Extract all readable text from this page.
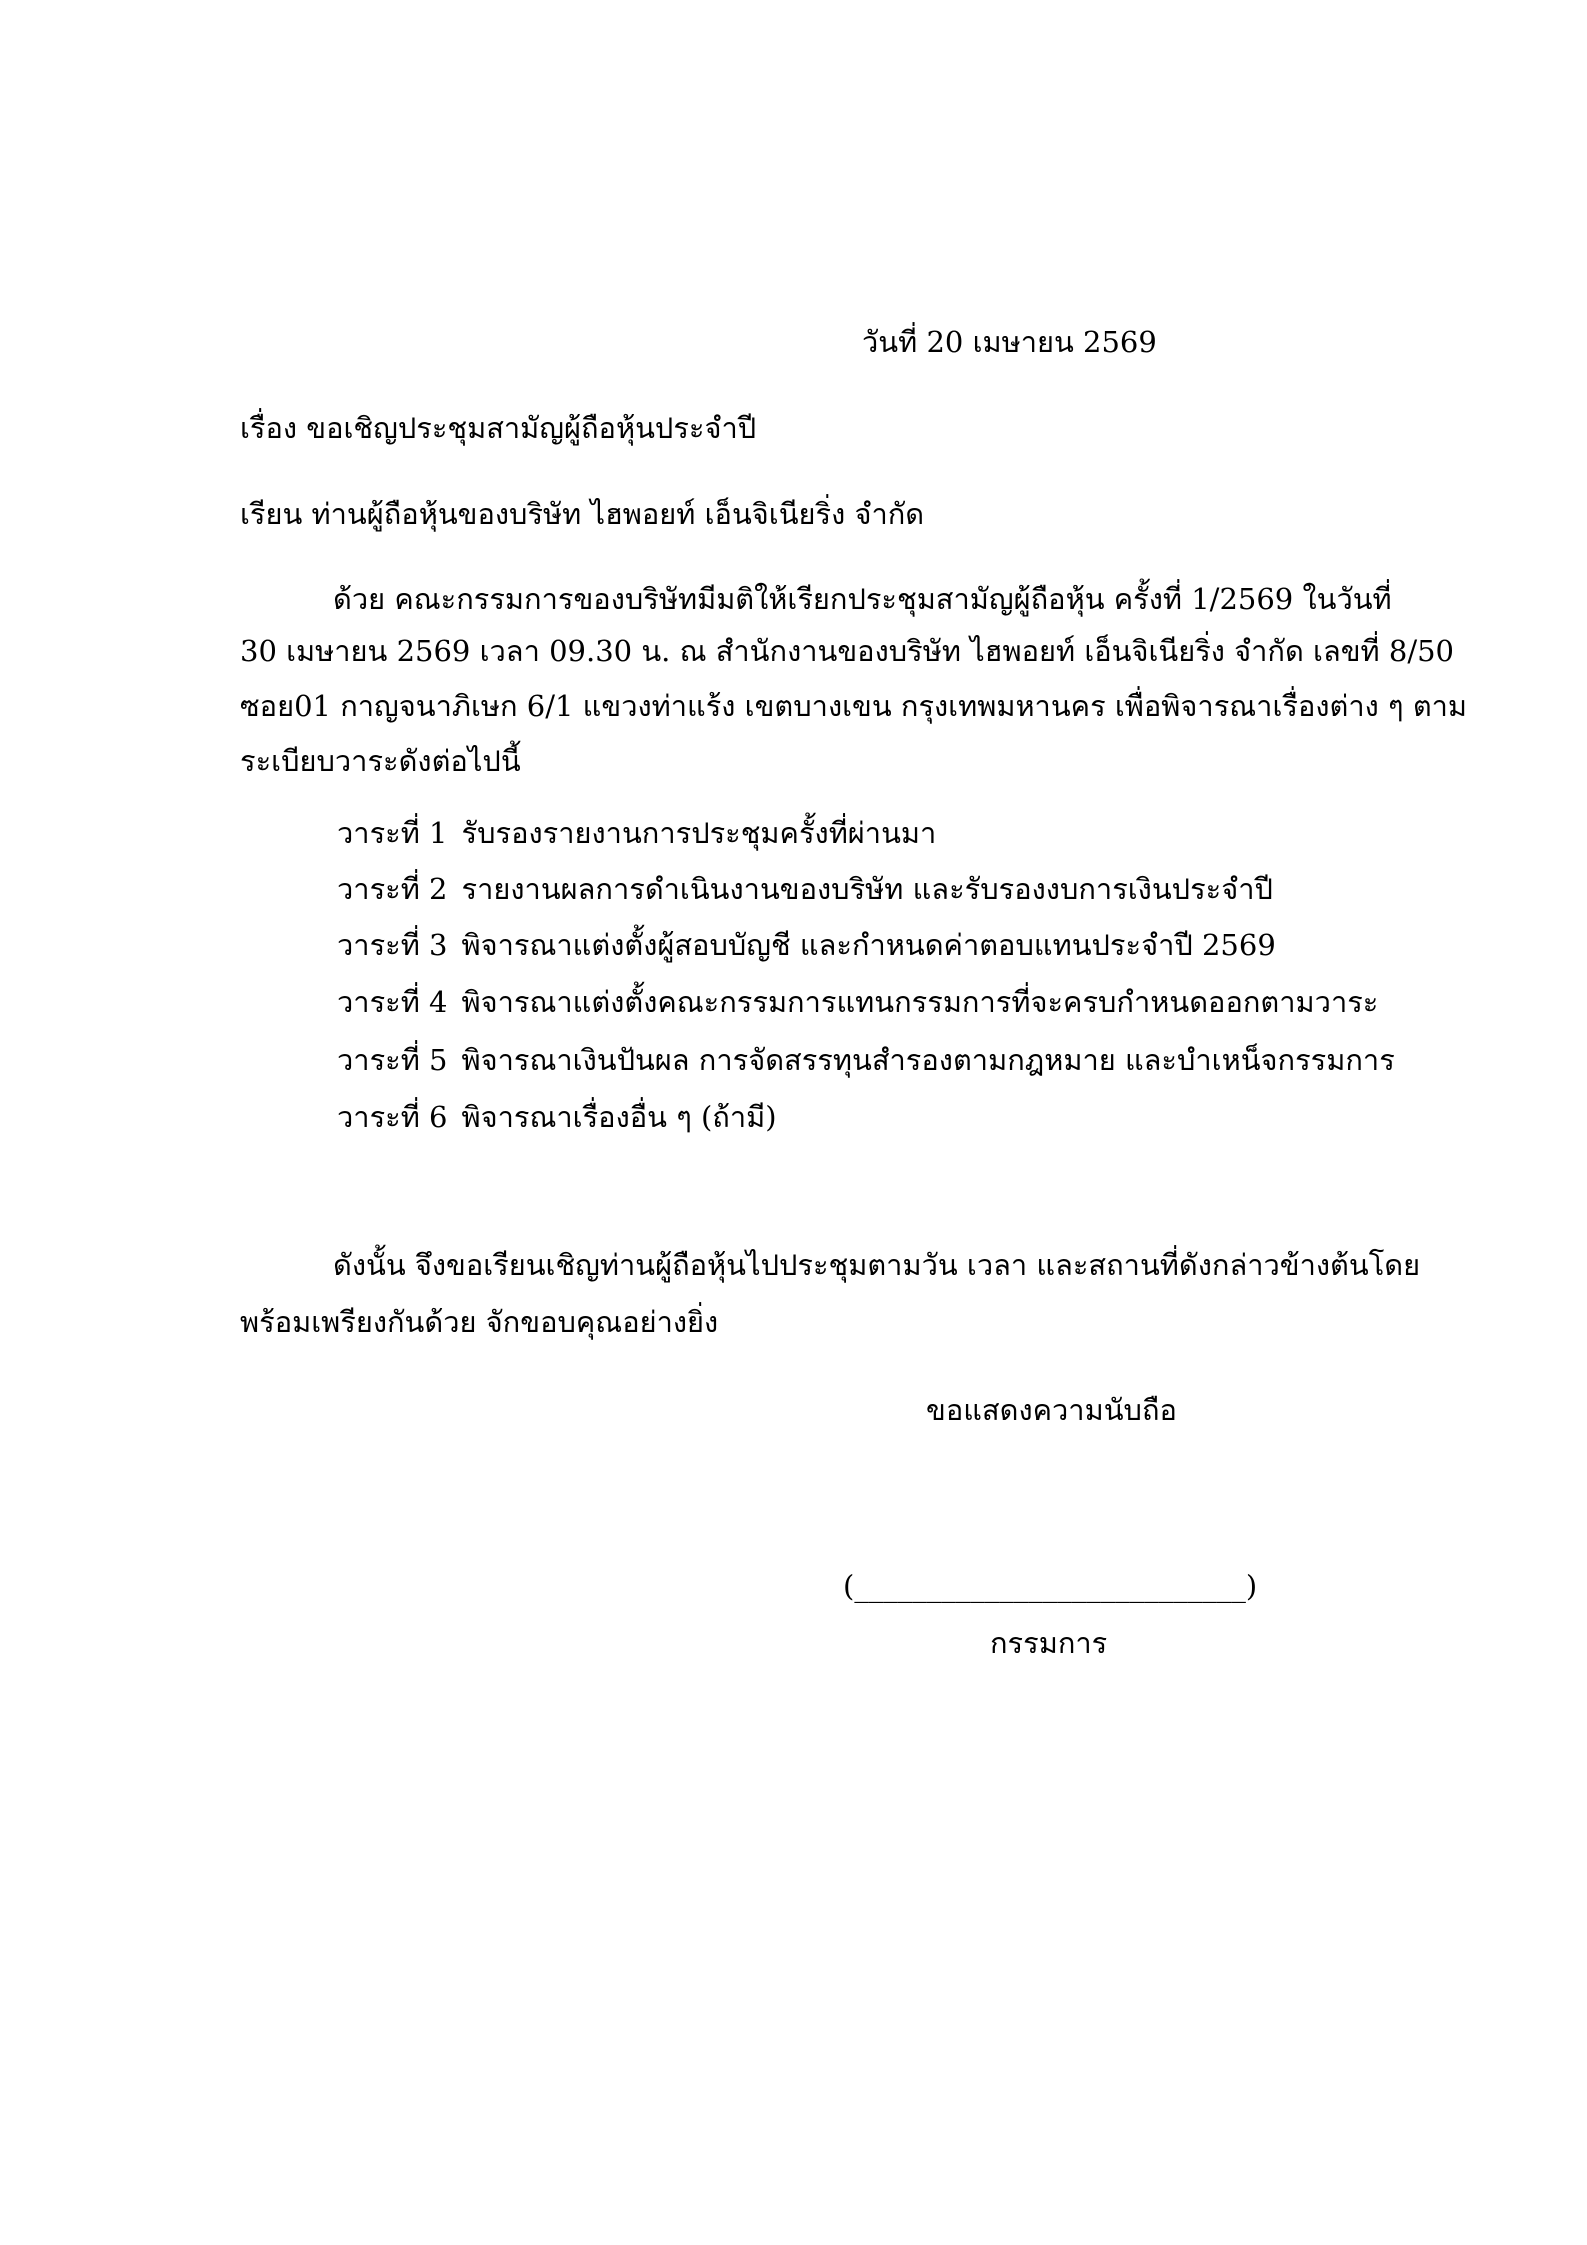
วันที่ 20 เมษายน 2569
เรื่อง ขอเชิญประชุมสามัญผู้ถือหุ้นประจำปี
เรียน ท่านผู้ถือหุ้นของบริษัท ไฮพอยท์ เอ็นจิเนียริ่ง จำกัด
ด้วย คณะกรรมการของบริษัทมีมติให้เรียกประชุมสามัญผู้ถือหุ้น ครั้งที่ 1/2569 ในวันที่
30 เมษายน 2569 เวลา 09.30 น. ณ สำนักงานของบริษัท ไฮพอยท์ เอ็นจิเนียริ่ง จำกัด เลขที่ 8/50
ซอย01 กาญจนาภิเษก 6/1 แขวงท่าแร้ง เขตบางเขน กรุงเทพมหานคร เพื่อพิจารณาเรื่องต่าง ๆ ตาม
ระเบียบวาระดังต่อไปนี้
วาระที่ 1 รับรองรายงานการประชุมครั้งที่ผ่านมา
วาระที่ 2 รายงานผลการดำเนินงานของบริษัท และรับรองงบการเงินประจำปี
วาระที่ 3 พิจารณาแต่งตั้งผู้สอบบัญชี และกำหนดค่าตอบแทนประจำปี 2569
วาระที่ 4 พิจารณาแต่งตั้งคณะกรรมการแทนกรรมการที่จะครบกำหนดออกตามวาระ
วาระที่ 5 พิจารณาเงินปันผล การจัดสรรทุนสำรองตามกฎหมาย และบำเหน็จกรรมการ
วาระที่ 6 พิจารณาเรื่องอื่น ๆ (ถ้ามี)
ดังนั้น จึงขอเรียนเชิญท่านผู้ถือหุ้นไปประชุมตามวัน เวลา และสถานที่ดังกล่าวข้างต้นโดย
พร้อมเพรียงกันด้วย จักขอบคุณอย่างยิ่ง
ขอแสดงความนับถือ
(___________________________)
กรรมการ
